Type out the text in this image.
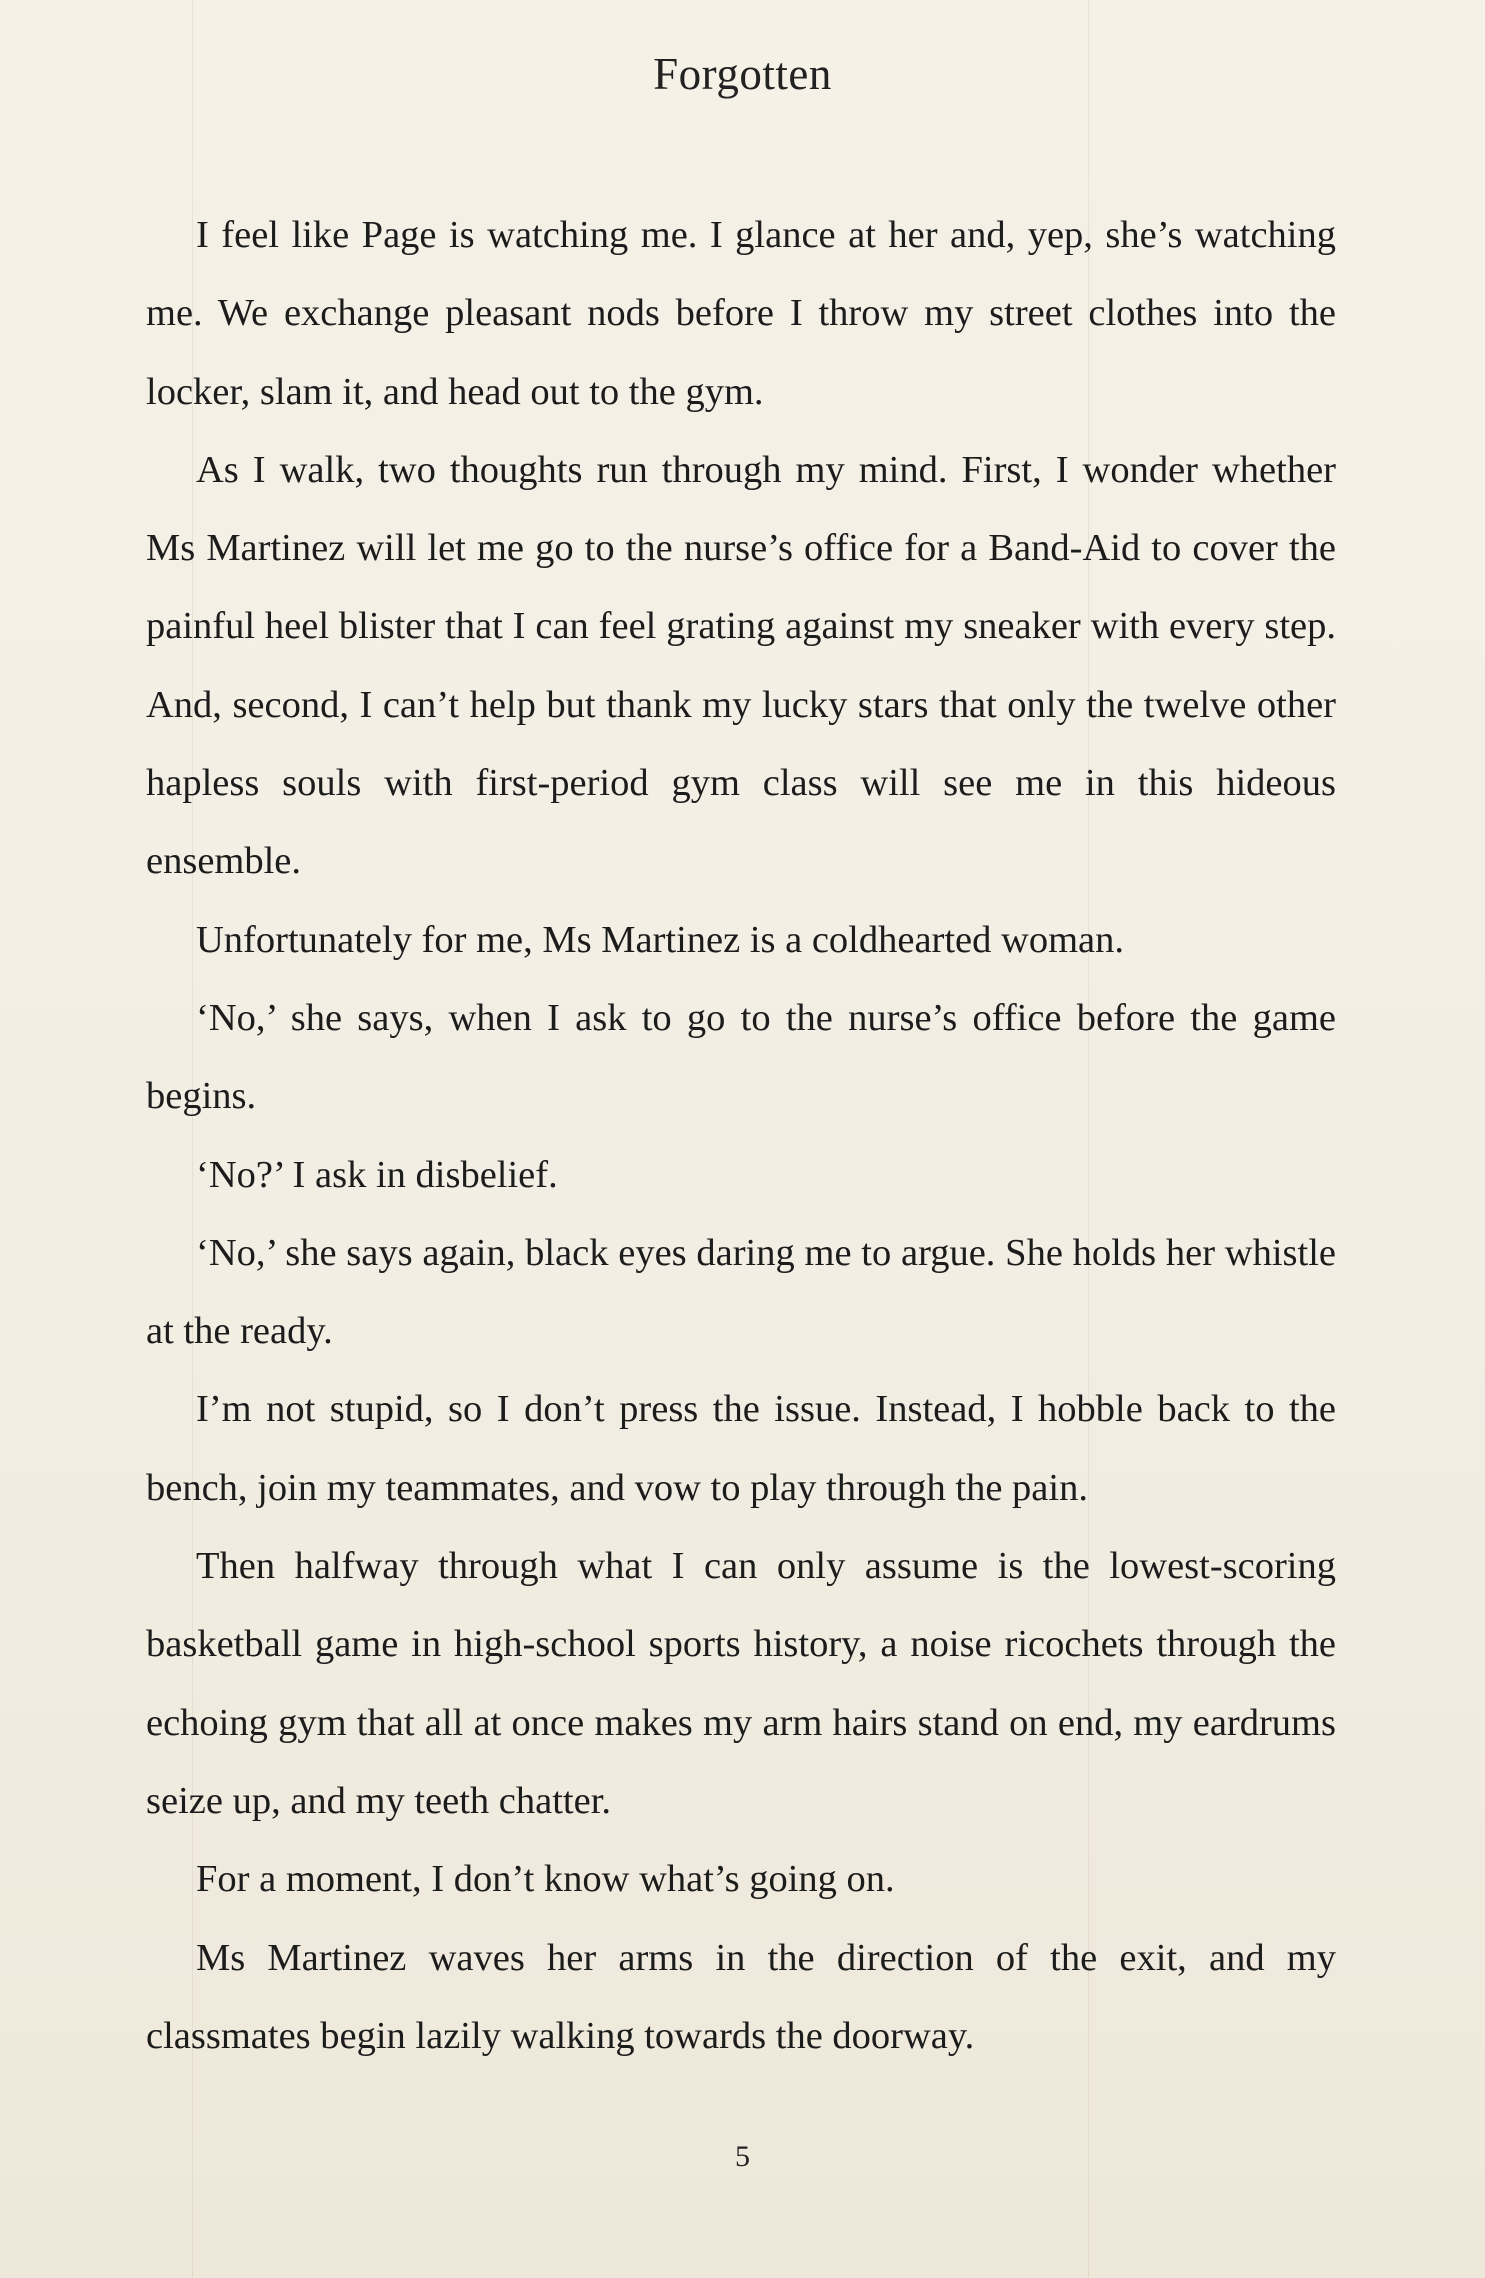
Forgotten

I feel like Page is watching me. I glance at her and, yep, she’s watching me. We exchange pleasant nods before I throw my street clothes into the locker, slam it, and head out to the gym.

As I walk, two thoughts run through my mind. First, I wonder whether Ms Martinez will let me go to the nurse’s office for a Band-Aid to cover the painful heel blister that I can feel grating against my sneaker with every step. And, second, I can’t help but thank my lucky stars that only the twelve other hapless souls with first-period gym class will see me in this hideous ensemble.

Unfortunately for me, Ms Martinez is a coldhearted woman.

‘No,’ she says, when I ask to go to the nurse’s office before the game begins.

‘No?’ I ask in disbelief.

‘No,’ she says again, black eyes daring me to argue. She holds her whistle at the ready.

I’m not stupid, so I don’t press the issue. Instead, I hobble back to the bench, join my teammates, and vow to play through the pain.

Then halfway through what I can only assume is the lowest-scoring basketball game in high-school sports history, a noise ricochets through the echoing gym that all at once makes my arm hairs stand on end, my eardrums seize up, and my teeth chatter.

For a moment, I don’t know what’s going on.

Ms Martinez waves her arms in the direction of the exit, and my classmates begin lazily walking towards the doorway.

5
